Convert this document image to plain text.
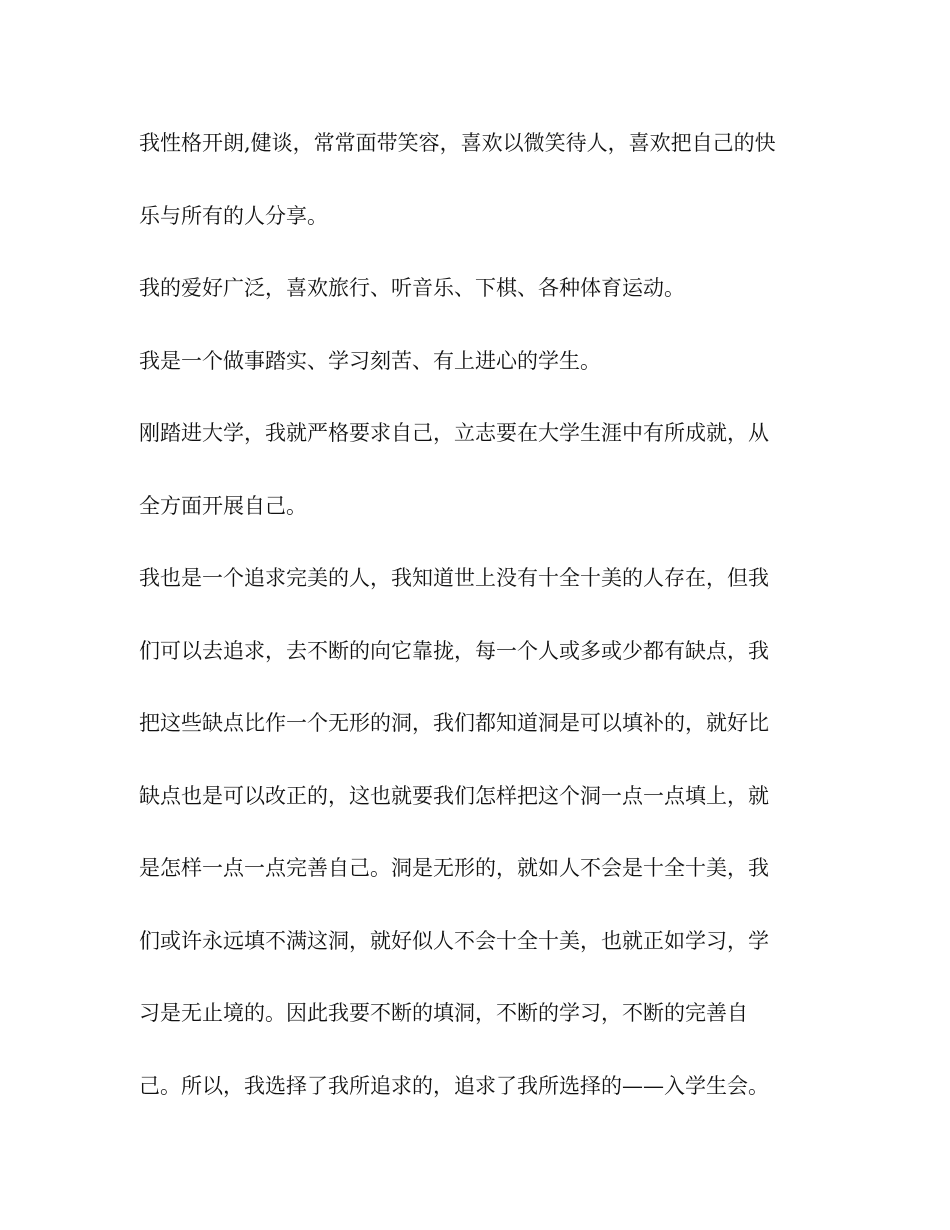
我性格开朗,健谈，常常面带笑容，喜欢以微笑待人，喜欢把自己的快
乐与所有的人分享。
我的爱好广泛，喜欢旅行、听音乐、下棋、各种体育运动。
我是一个做事踏实、学习刻苦、有上进心的学生。
刚踏进大学，我就严格要求自己，立志要在大学生涯中有所成就，从
全方面开展自己。
我也是一个追求完美的人，我知道世上没有十全十美的人存在，但我
们可以去追求，去不断的向它靠拢，每一个人或多或少都有缺点，我
把这些缺点比作一个无形的洞，我们都知道洞是可以填补的，就好比
缺点也是可以改正的，这也就要我们怎样把这个洞一点一点填上，就
是怎样一点一点完善自己。洞是无形的，就如人不会是十全十美，我
们或许永远填不满这洞，就好似人不会十全十美，也就正如学习，学
习是无止境的。因此我要不断的填洞，不断的学习，不断的完善自
己。所以，我选择了我所追求的，追求了我所选择的——入学生会。
